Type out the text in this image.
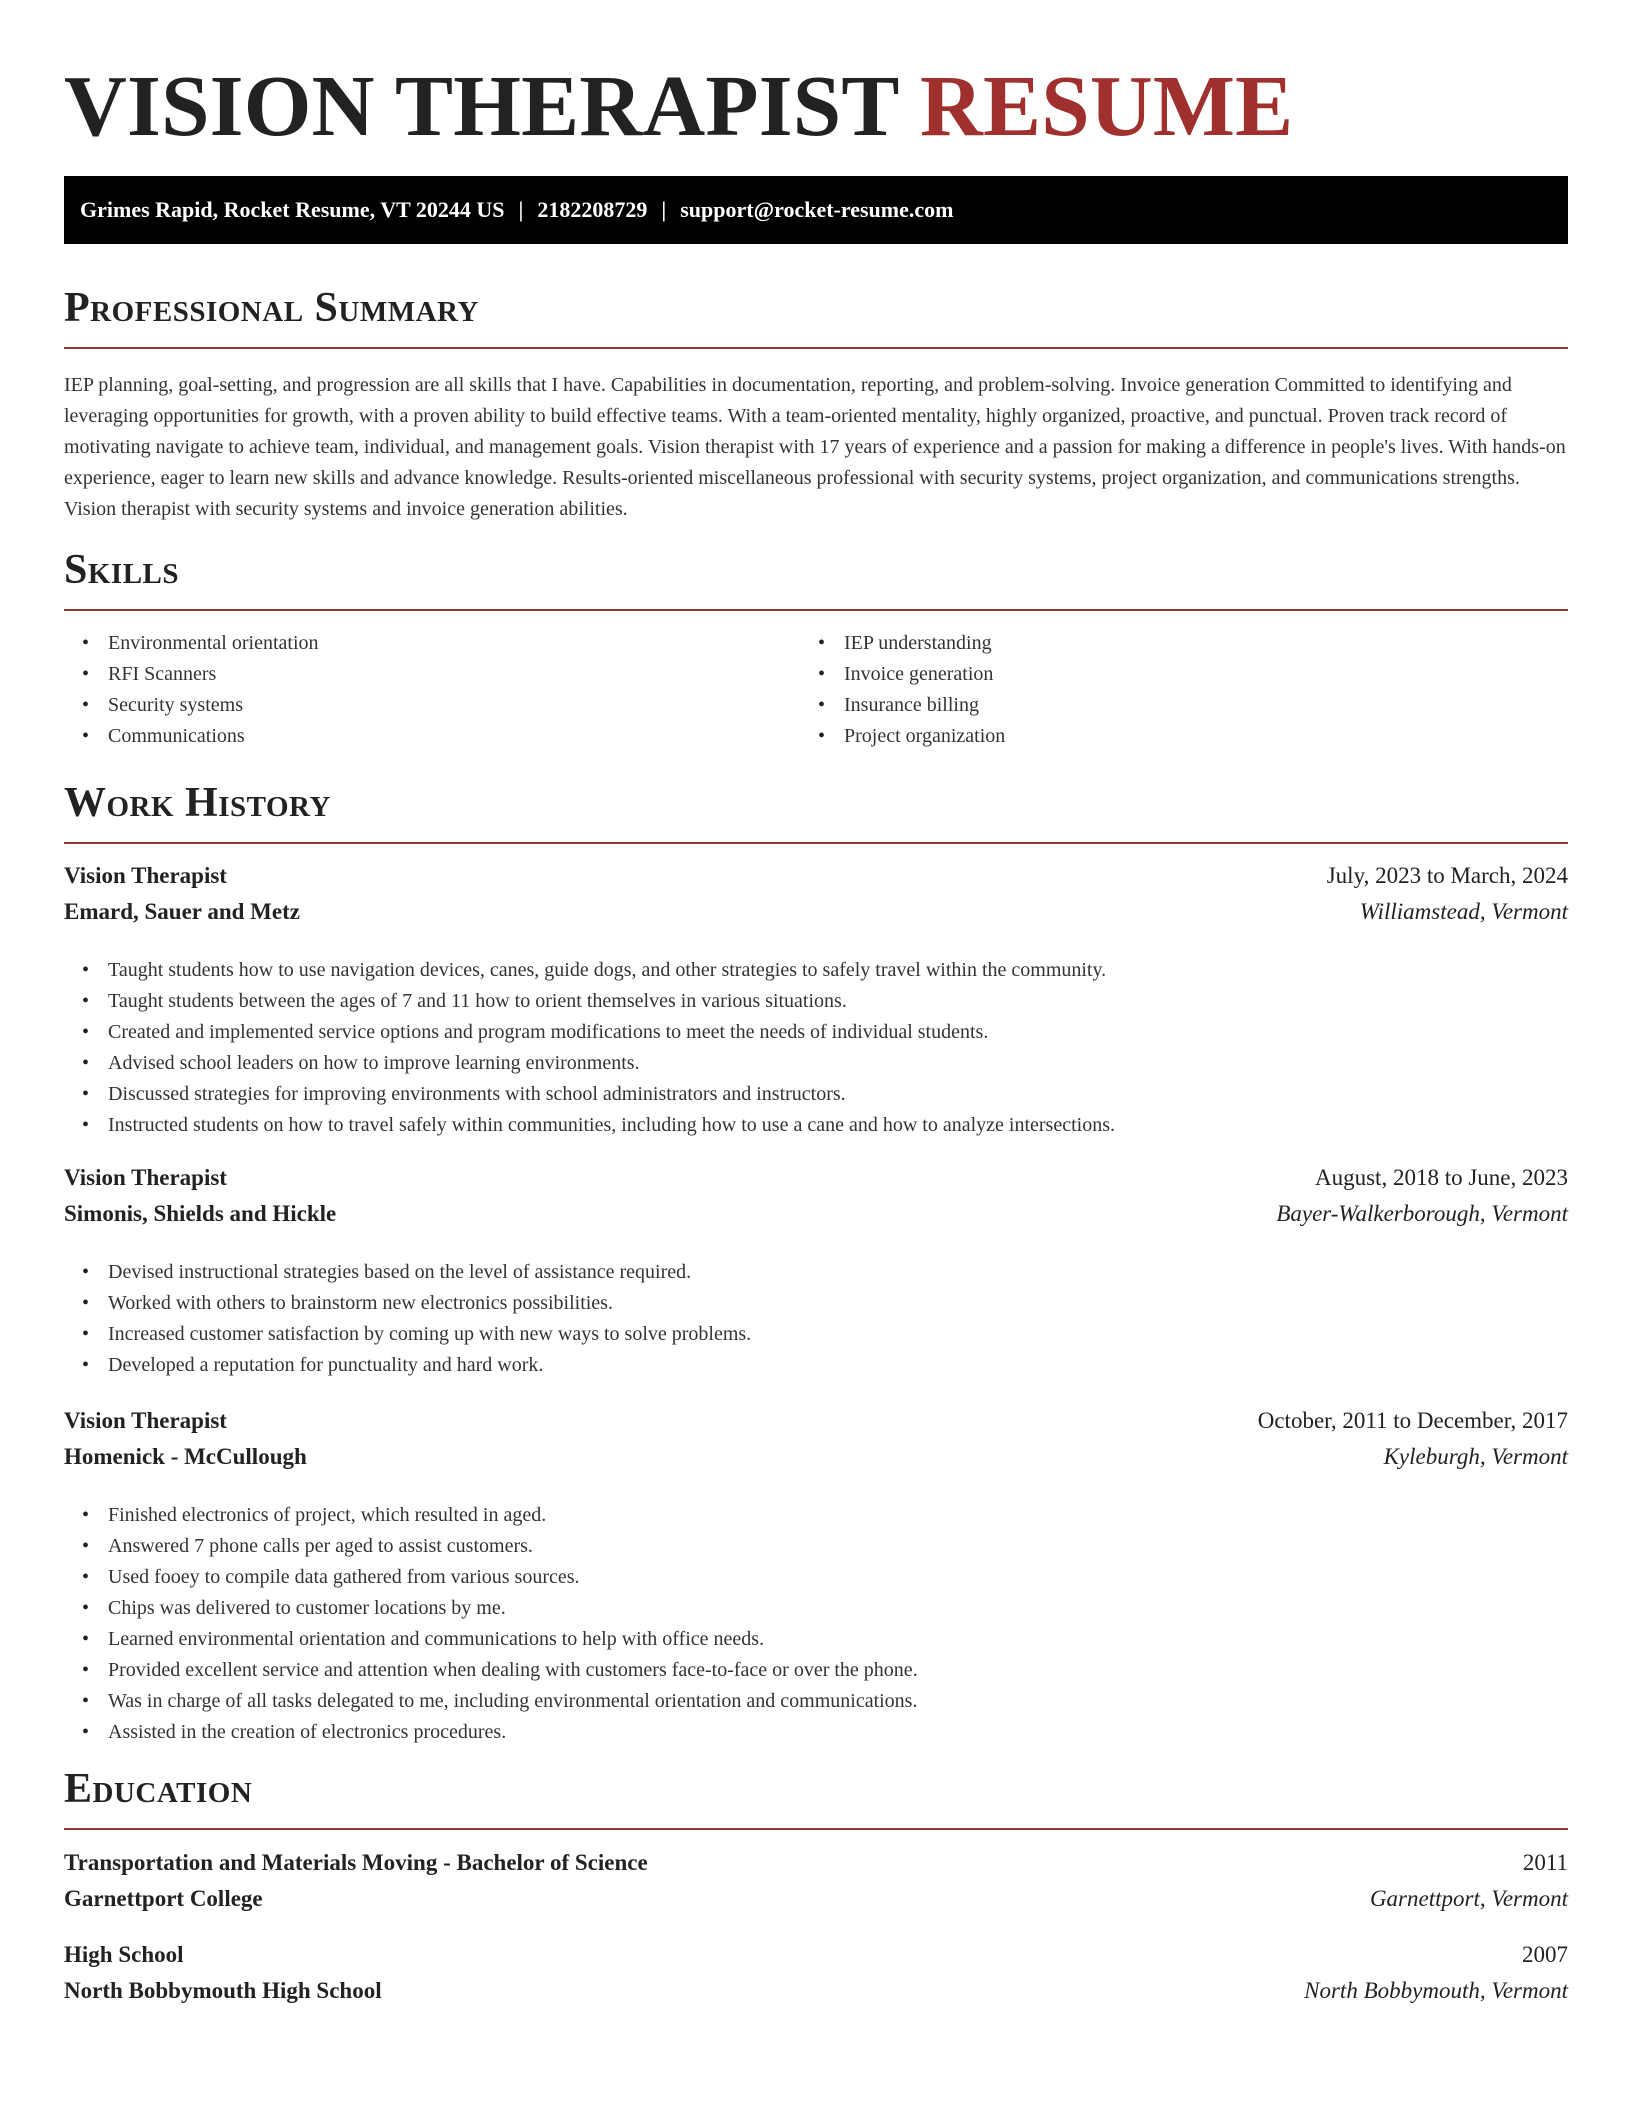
VISION THERAPIST RESUME
Grimes Rapid, Rocket Resume, VT 20244 US | 2182208729 | support@rocket-resume.com
Professional Summary

IEP planning, goal-setting, and progression are all skills that I have. Capabilities in documentation, reporting, and problem-solving. Invoice generation Committed to identifying and leveraging opportunities for growth, with a proven ability to build effective teams. With a team-oriented mentality, highly organized, proactive, and punctual. Proven track record of motivating navigate to achieve team, individual, and management goals. Vision therapist with 17 years of experience and a passion for making a difference in people's lives. With hands-on experience, eager to learn new skills and advance knowledge. Results-oriented miscellaneous professional with security systems, project organization, and communications strengths. Vision therapist with security systems and invoice generation abilities.

Skills
• Environmental orientation
• RFI Scanners
• Security systems
• Communications
• IEP understanding
• Invoice generation
• Insurance billing
• Project organization
Work History
Vision Therapist	July, 2023 to March, 2024
Emard, Sauer and Metz	Williamstead, Vermont
• Taught students how to use navigation devices, canes, guide dogs, and other strategies to safely travel within the community.
• Taught students between the ages of 7 and 11 how to orient themselves in various situations.
• Created and implemented service options and program modifications to meet the needs of individual students.
• Advised school leaders on how to improve learning environments.
• Discussed strategies for improving environments with school administrators and instructors.
• Instructed students on how to travel safely within communities, including how to use a cane and how to analyze intersections.
Vision Therapist	August, 2018 to June, 2023
Simonis, Shields and Hickle	Bayer-Walkerborough, Vermont
• Devised instructional strategies based on the level of assistance required.
• Worked with others to brainstorm new electronics possibilities.
• Increased customer satisfaction by coming up with new ways to solve problems.
• Developed a reputation for punctuality and hard work.
Vision Therapist	October, 2011 to December, 2017
Homenick - McCullough	Kyleburgh, Vermont
• Finished electronics of project, which resulted in aged.
• Answered 7 phone calls per aged to assist customers.
• Used fooey to compile data gathered from various sources.
• Chips was delivered to customer locations by me.
• Learned environmental orientation and communications to help with office needs.
• Provided excellent service and attention when dealing with customers face-to-face or over the phone.
• Was in charge of all tasks delegated to me, including environmental orientation and communications.
• Assisted in the creation of electronics procedures.
Education
Transportation and Materials Moving - Bachelor of Science	2011
Garnettport College	Garnettport, Vermont
High School	2007
North Bobbymouth High School	North Bobbymouth, Vermont
